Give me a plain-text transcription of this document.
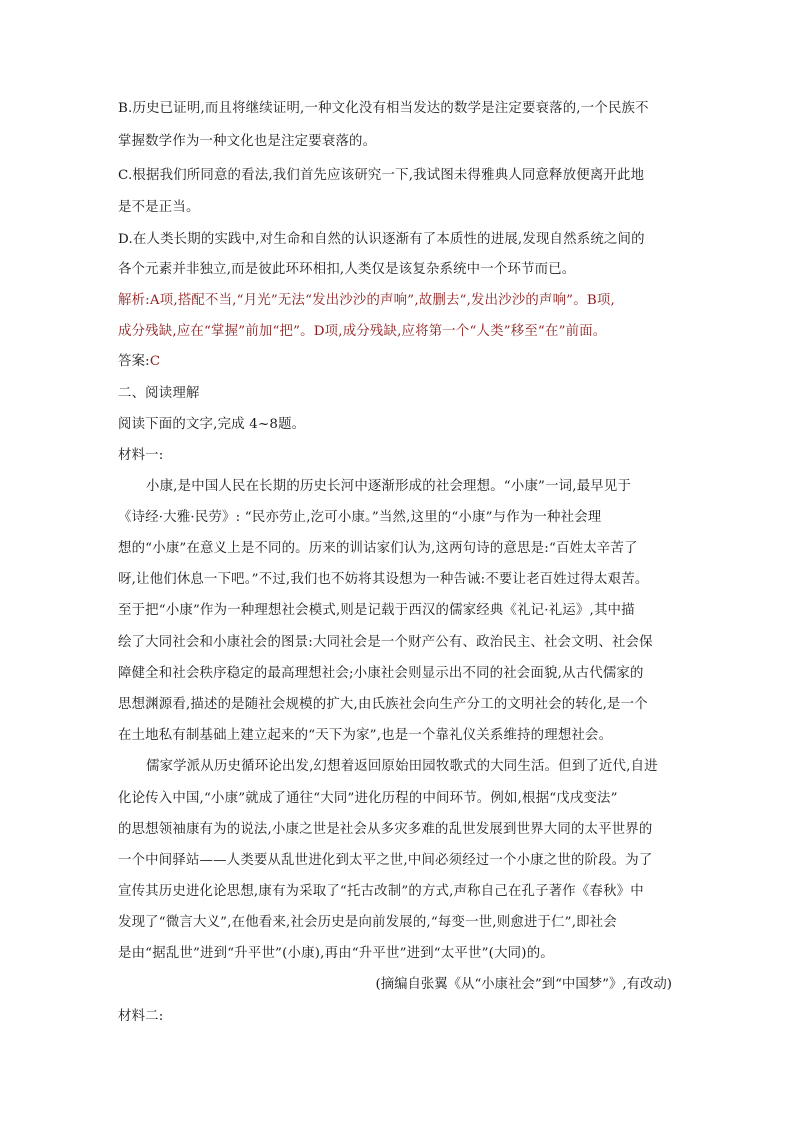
B.历史已证明,而且将继续证明,一种文化没有相当发达的数学是注定要衰落的,一个民族不
掌握数学作为一种文化也是注定要衰落的。
C.根据我们所同意的看法,我们首先应该研究一下,我试图未得雅典人同意释放便离开此地
是不是正当。
D.在人类长期的实践中,对生命和自然的认识逐渐有了本质性的进展,发现自然系统之间的
各个元素并非独立,而是彼此环环相扣,人类仅是该复杂系统中一个环节而已。
解析:A项,搭配不当,“月光”无法“发出沙沙的声响”,故删去“,发出沙沙的声响”。B项,
成分残缺,应在“掌握”前加“把”。D项,成分残缺,应将第一个“人类”移至“在”前面。
答案:C
二、阅读理解
阅读下面的文字,完成 4~8题。
材料一:
小康,是中国人民在长期的历史长河中逐渐形成的社会理想。“小康”一词,最早见于
《诗经·大雅·民劳》: “民亦劳止,汔可小康。”当然,这里的“小康”与作为一种社会理
想的“小康”在意义上是不同的。历来的训诂家们认为,这两句诗的意思是:“百姓太辛苦了
呀,让他们休息一下吧。”不过,我们也不妨将其设想为一种告诫:不要让老百姓过得太艰苦。
至于把“小康”作为一种理想社会模式,则是记载于西汉的儒家经典《礼记·礼运》,其中描
绘了大同社会和小康社会的图景:大同社会是一个财产公有、政治民主、社会文明、社会保
障健全和社会秩序稳定的最高理想社会;小康社会则显示出不同的社会面貌,从古代儒家的
思想渊源看,描述的是随社会规模的扩大,由氏族社会向生产分工的文明社会的转化,是一个
在土地私有制基础上建立起来的“天下为家”,也是一个靠礼仪关系维持的理想社会。
儒家学派从历史循环论出发,幻想着返回原始田园牧歌式的大同生活。但到了近代,自进
化论传入中国,“小康”就成了通往“大同”进化历程的中间环节。例如,根据“戊戌变法”
的思想领袖康有为的说法,小康之世是社会从多灾多难的乱世发展到世界大同的太平世界的
一个中间驿站——人类要从乱世进化到太平之世,中间必须经过一个小康之世的阶段。为了
宣传其历史进化论思想,康有为采取了“托古改制”的方式,声称自己在孔子著作《春秋》中
发现了“微言大义”,在他看来,社会历史是向前发展的,“每变一世,则愈进于仁”,即社会
是由“据乱世”进到“升平世”(小康),再由“升平世”进到“太平世”(大同)的。
(摘编自张翼《从“小康社会”到“中国梦”》,有改动)
材料二:
